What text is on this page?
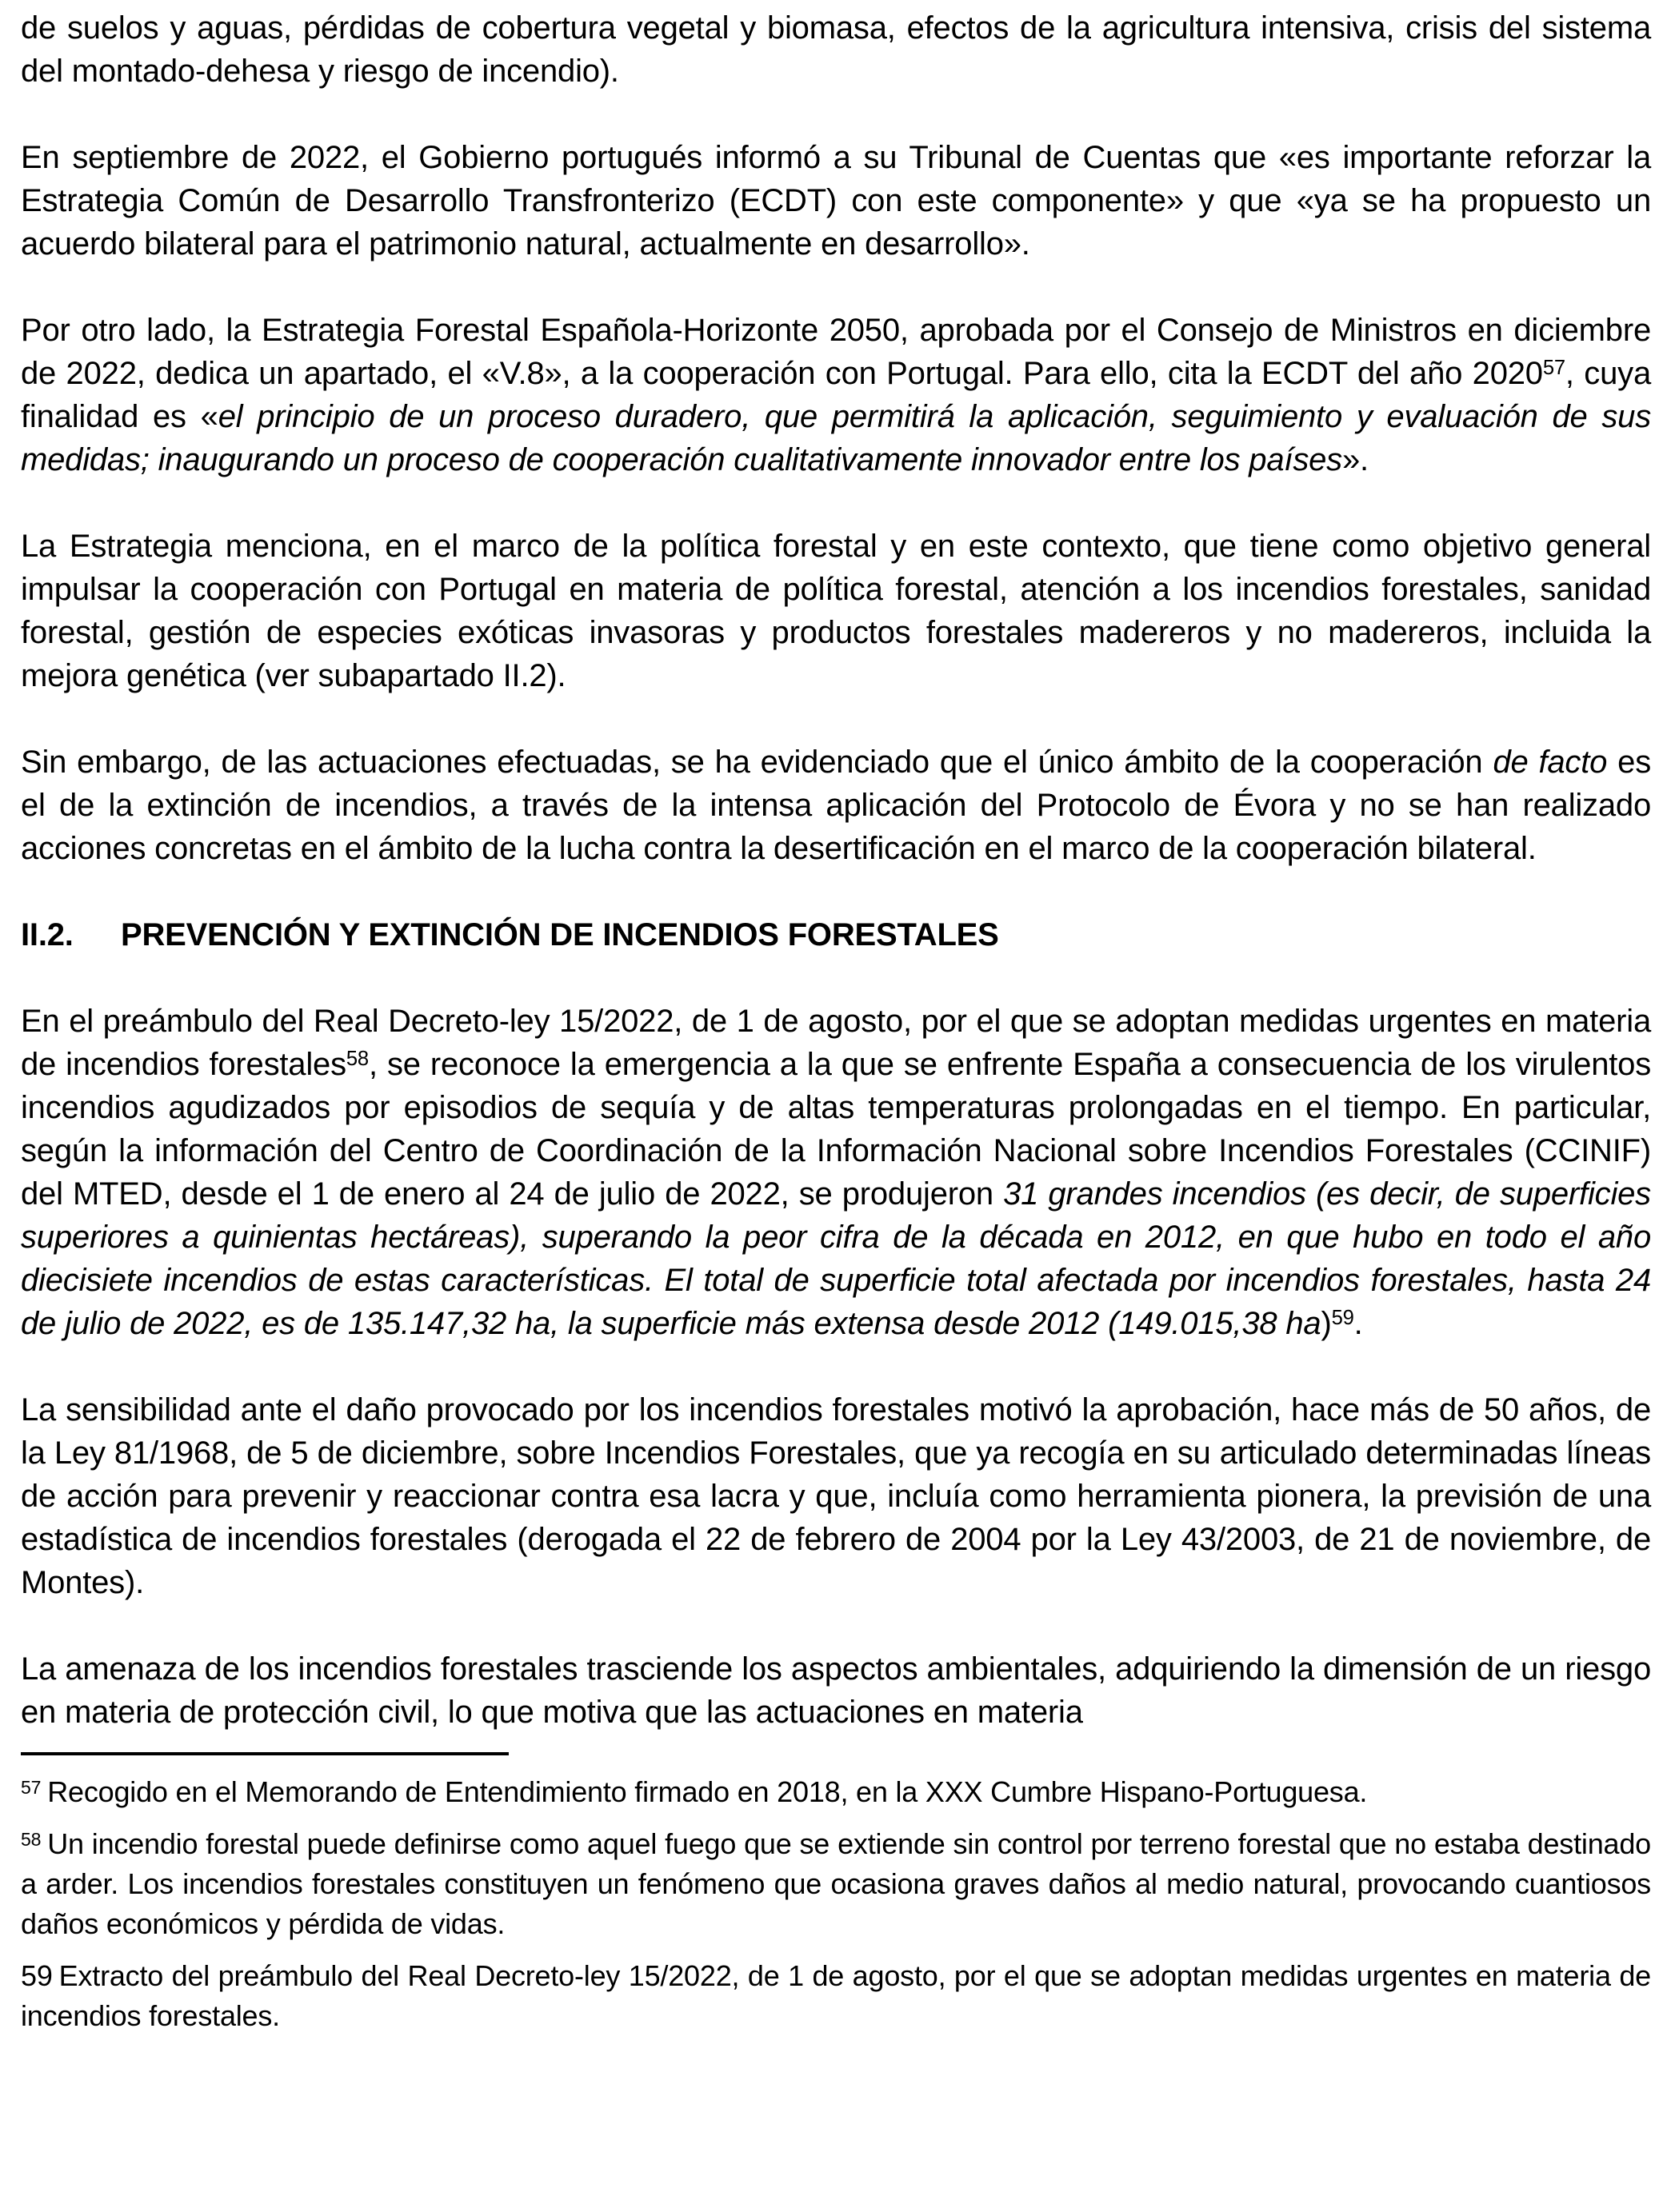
de suelos y aguas, pérdidas de cobertura vegetal y biomasa, efectos de la agricultura intensiva, crisis del sistema del montado-dehesa y riesgo de incendio).

En septiembre de 2022, el Gobierno portugués informó a su Tribunal de Cuentas que «es importante reforzar la Estrategia Común de Desarrollo Transfronterizo (ECDT) con este componente» y que «ya se ha propuesto un acuerdo bilateral para el patrimonio natural, actualmente en desarrollo».

Por otro lado, la Estrategia Forestal Española-Horizonte 2050, aprobada por el Consejo de Ministros en diciembre de 2022, dedica un apartado, el «V.8», a la cooperación con Portugal. Para ello, cita la ECDT del año 2020$^{57}$, cuya finalidad es «el principio de un proceso duradero, que permitirá la aplicación, seguimiento y evaluación de sus medidas; inaugurando un proceso de cooperación cualitativamente innovador entre los países».

La Estrategia menciona, en el marco de la política forestal y en este contexto, que tiene como objetivo general impulsar la cooperación con Portugal en materia de política forestal, atención a los incendios forestales, sanidad forestal, gestión de especies exóticas invasoras y productos forestales madereros y no madereros, incluida la mejora genética (ver subapartado II.2).

Sin embargo, de las actuaciones efectuadas, se ha evidenciado que el único ámbito de la cooperación de facto es el de la extinción de incendios, a través de la intensa aplicación del Protocolo de Évora y no se han realizado acciones concretas en el ámbito de la lucha contra la desertificación en el marco de la cooperación bilateral.

II.2. PREVENCIÓN Y EXTINCIÓN DE INCENDIOS FORESTALES

En el preámbulo del Real Decreto-ley 15/2022, de 1 de agosto, por el que se adoptan medidas urgentes en materia de incendios forestales$^{58}$, se reconoce la emergencia a la que se enfrente España a consecuencia de los virulentos incendios agudizados por episodios de sequía y de altas temperaturas prolongadas en el tiempo. En particular, según la información del Centro de Coordinación de la Información Nacional sobre Incendios Forestales (CCINIF) del MTED, desde el 1 de enero al 24 de julio de 2022, se produjeron 31 grandes incendios (es decir, de superficies superiores a quinientas hectáreas), superando la peor cifra de la década en 2012, en que hubo en todo el año diecisiete incendios de estas características. El total de superficie total afectada por incendios forestales, hasta 24 de julio de 2022, es de 135.147,32 ha, la superficie más extensa desde 2012 (149.015,38 ha)$^{59}$.

La sensibilidad ante el daño provocado por los incendios forestales motivó la aprobación, hace más de 50 años, de la Ley 81/1968, de 5 de diciembre, sobre Incendios Forestales, que ya recogía en su articulado determinadas líneas de acción para prevenir y reaccionar contra esa lacra y que, incluía como herramienta pionera, la previsión de una estadística de incendios forestales (derogada el 22 de febrero de 2004 por la Ley 43/2003, de 21 de noviembre, de Montes).

La amenaza de los incendios forestales trasciende los aspectos ambientales, adquiriendo la dimensión de un riesgo en materia de protección civil, lo que motiva que las actuaciones en materia

$^{57}$ Recogido en el Memorando de Entendimiento firmado en 2018, en la XXX Cumbre Hispano-Portuguesa.
$^{58}$ Un incendio forestal puede definirse como aquel fuego que se extiende sin control por terreno forestal que no estaba destinado a arder. Los incendios forestales constituyen un fenómeno que ocasiona graves daños al medio natural, provocando cuantiosos daños económicos y pérdida de vidas.
59 Extracto del preámbulo del Real Decreto-ley 15/2022, de 1 de agosto, por el que se adoptan medidas urgentes en materia de incendios forestales.
